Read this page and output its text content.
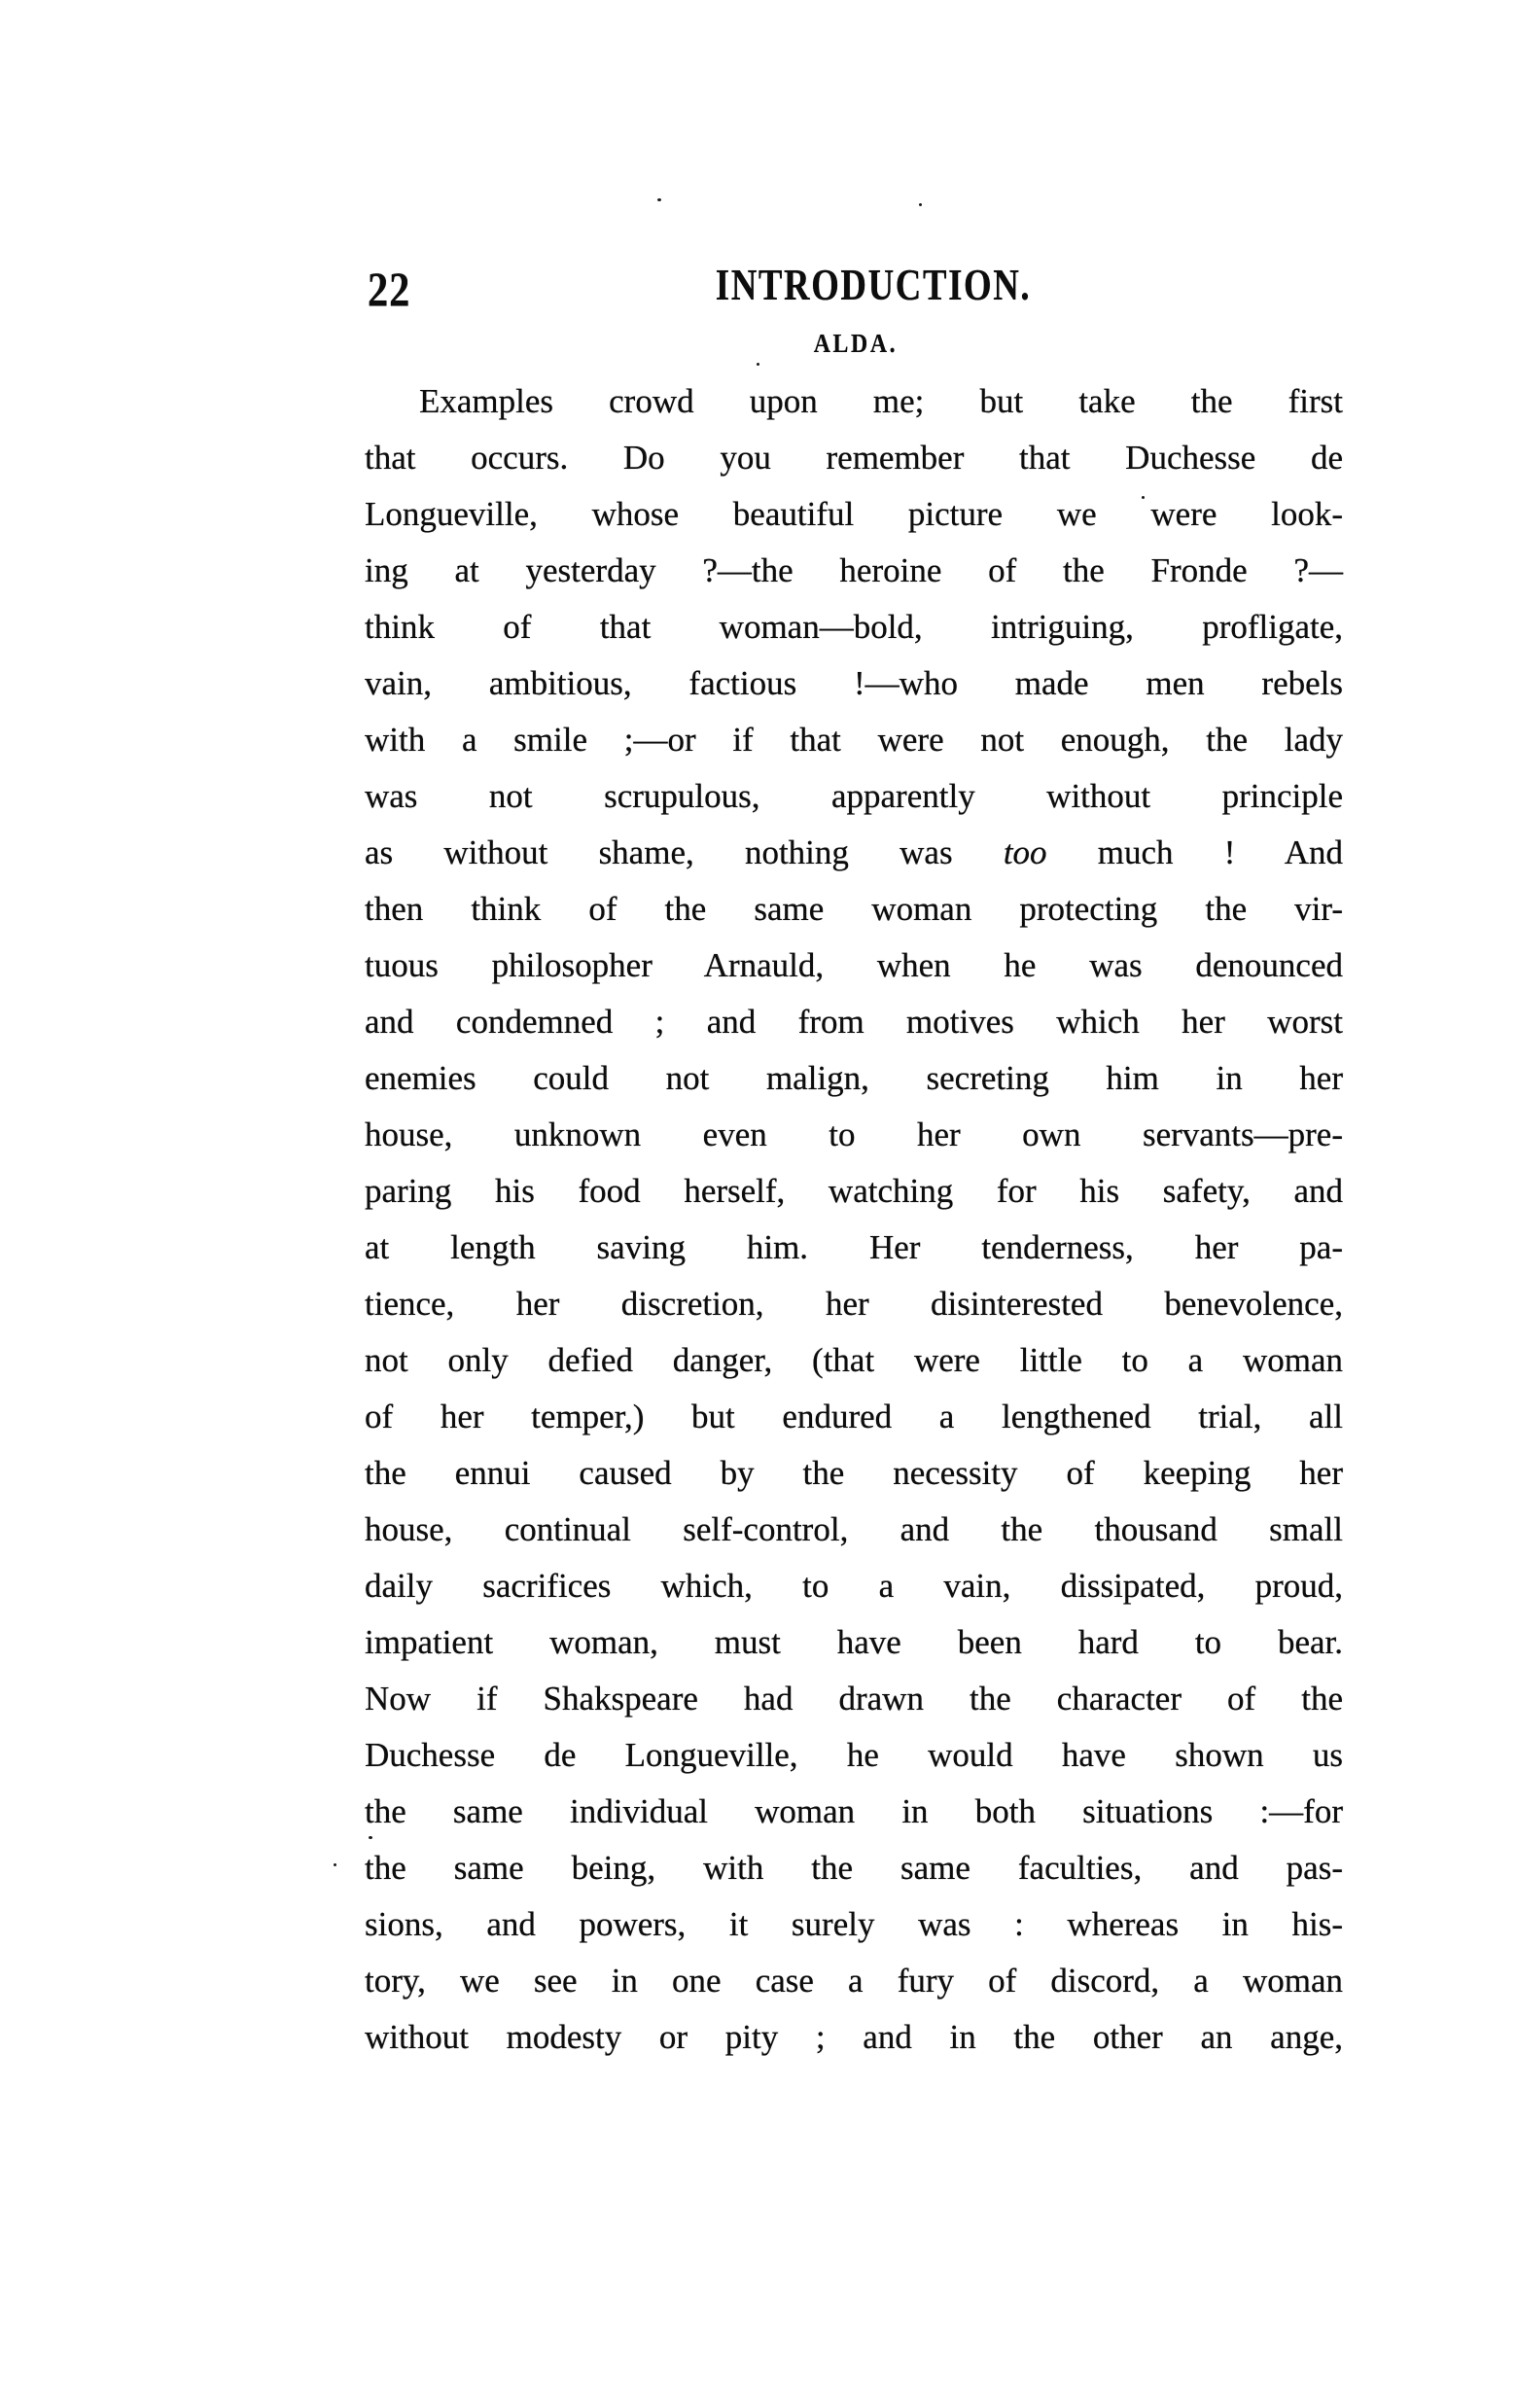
22	INTRODUCTION.
ALDA.
Examples crowd upon me; but take the first
that occurs. Do you remember that Duchesse de
Longueville, whose beautiful picture we were look-
ing at yesterday ?—the heroine of the Fronde ?—
think of that woman—bold, intriguing, profligate,
vain, ambitious, factious !—who made men rebels
with a smile ;—or if that were not enough, the lady
was not scrupulous, apparently without principle
as without shame, nothing was too much ! And
then think of the same woman protecting the vir-
tuous philosopher Arnauld, when he was denounced
and condemned ; and from motives which her worst
enemies could not malign, secreting him in her
house, unknown even to her own servants—pre-
paring his food herself, watching for his safety, and
at length saving him. Her tenderness, her pa-
tience, her discretion, her disinterested benevolence,
not only defied danger, (that were little to a woman
of her temper,) but endured a lengthened trial, all
the ennui caused by the necessity of keeping her
house, continual self-control, and the thousand small
daily sacrifices which, to a vain, dissipated, proud,
impatient woman, must have been hard to bear.
Now if Shakspeare had drawn the character of the
Duchesse de Longueville, he would have shown us
the same individual woman in both situations :—for
the same being, with the same faculties, and pas-
sions, and powers, it surely was : whereas in his-
tory, we see in one case a fury of discord, a woman
without modesty or pity ; and in the other an ange,
